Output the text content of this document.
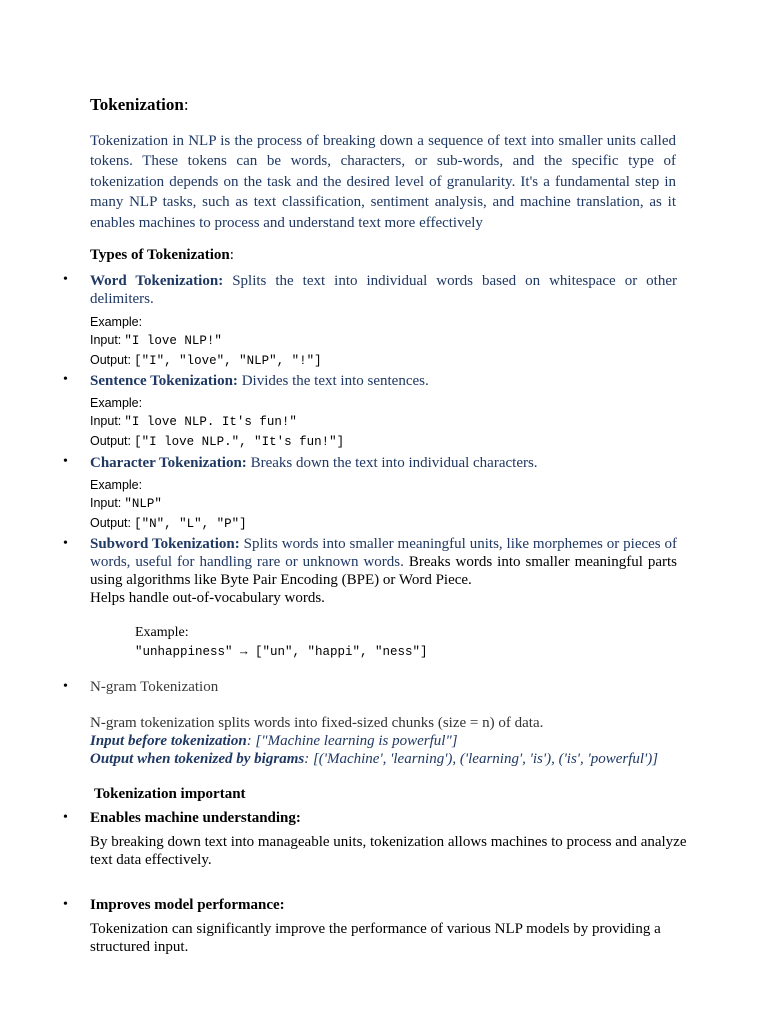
Tokenization:
Tokenization in NLP is the process of breaking down a sequence of text into smaller units called tokens. These tokens can be words, characters, or sub-words, and the specific type of tokenization depends on the task and the desired level of granularity. It's a fundamental step in many NLP tasks, such as text classification, sentiment analysis, and machine translation, as it enables machines to process and understand text more effectively
Types of Tokenization:
• Word Tokenization: Splits the text into individual words based on whitespace or other delimiters.
Example:
Input: "I love NLP!"
Output: ["I", "love", "NLP", "!"]
• Sentence Tokenization: Divides the text into sentences.
Example:
Input: "I love NLP. It's fun!"
Output: ["I love NLP.", "It's fun!"]
• Character Tokenization: Breaks down the text into individual characters.
Example:
Input: "NLP"
Output: ["N", "L", "P"]
• Subword Tokenization: Splits words into smaller meaningful units, like morphemes or pieces of words, useful for handling rare or unknown words. Breaks words into smaller meaningful parts using algorithms like Byte Pair Encoding (BPE) or Word Piece.
Helps handle out-of-vocabulary words.
Example:
"unhappiness" → ["un", "happi", "ness"]
• N-gram Tokenization
N-gram tokenization splits words into fixed-sized chunks (size = n) of data.
Input before tokenization: ["Machine learning is powerful"]
Output when tokenized by bigrams: [('Machine', 'learning'), ('learning', 'is'), ('is', 'powerful')]
Tokenization important
• Enables machine understanding:
By breaking down text into manageable units, tokenization allows machines to process and analyze text data effectively.
• Improves model performance:
Tokenization can significantly improve the performance of various NLP models by providing a structured input.
